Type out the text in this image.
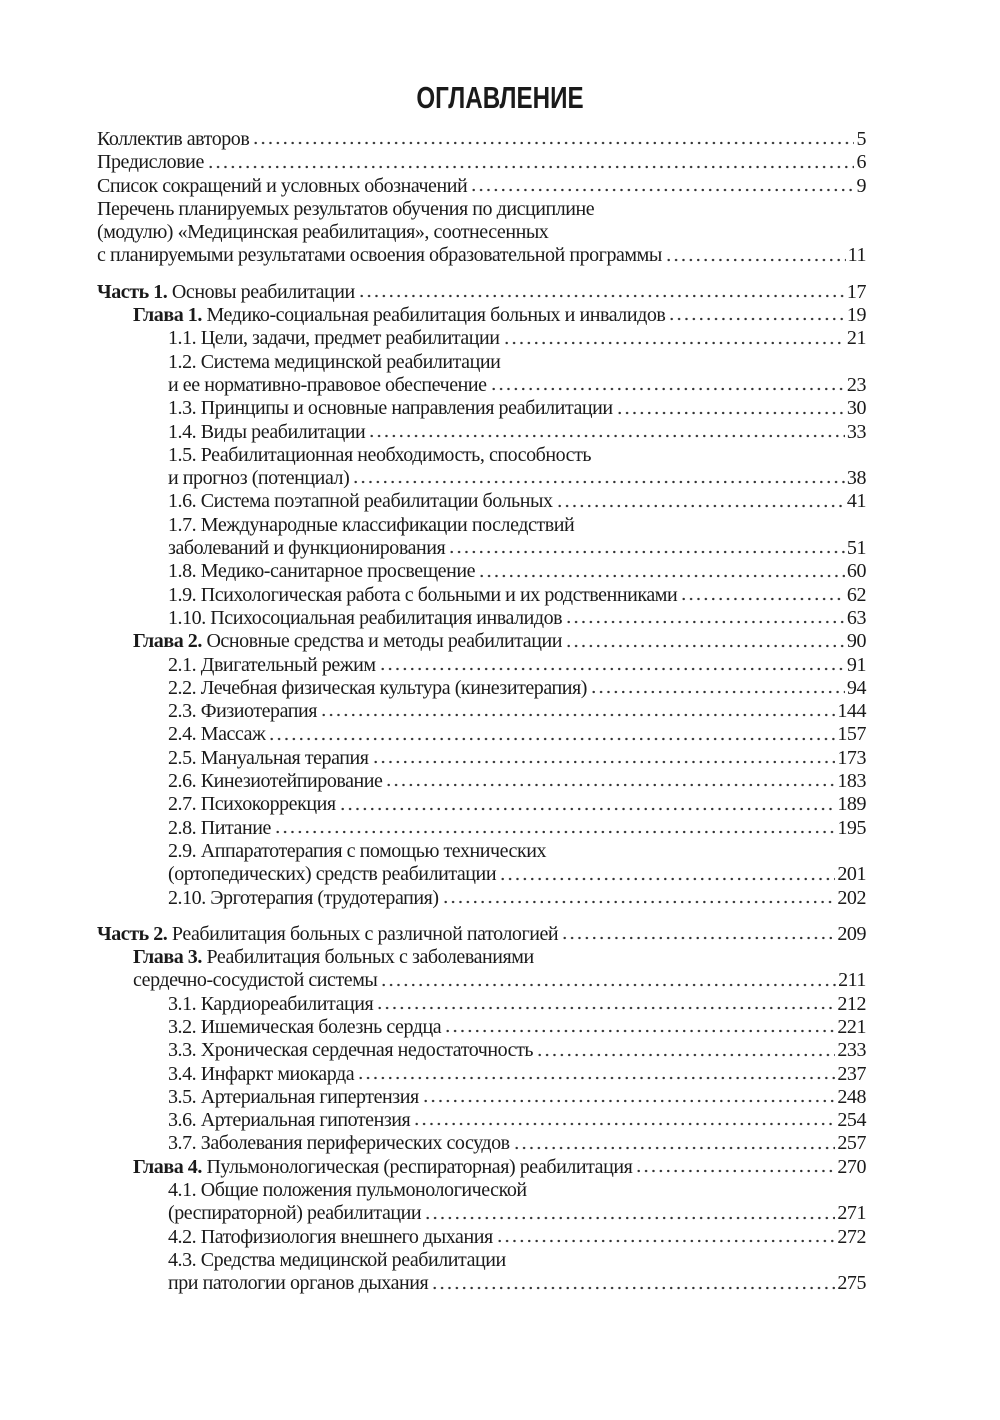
ОГЛАВЛЕНИЕ
Коллектив авторов	5
Предисловие	6
Список сокращений и условных обозначений	9
Перечень планируемых результатов обучения по дисциплине
(модулю) «Медицинская реабилитация», соотнесенных
с планируемыми результатами освоения образовательной программы	11
Часть 1. Основы реабилитации	17
Глава 1. Медико-социальная реабилитация больных и инвалидов	19
1.1. Цели, задачи, предмет реабилитации	21
1.2. Система медицинской реабилитации
и ее нормативно-правовое обеспечение	23
1.3. Принципы и основные направления реабилитации	30
1.4. Виды реабилитации	33
1.5. Реабилитационная необходимость, способность
и прогноз (потенциал)	38
1.6. Система поэтапной реабилитации больных	41
1.7. Международные классификации последствий
заболеваний и функционирования	51
1.8. Медико-санитарное просвещение	60
1.9. Психологическая работа с больными и их родственниками	62
1.10. Психосоциальная реабилитация инвалидов	63
Глава 2. Основные средства и методы реабилитации	90
2.1. Двигательный режим	91
2.2. Лечебная физическая культура (кинезитерапия)	94
2.3. Физиотерапия	144
2.4. Массаж	157
2.5. Мануальная терапия	173
2.6. Кинезиотейпирование	183
2.7. Психокоррекция	189
2.8. Питание	195
2.9. Аппаратотерапия с помощью технических
(ортопедических) средств реабилитации	201
2.10. Эрготерапия (трудотерапия)	202
Часть 2. Реабилитация больных с различной патологией	209
Глава 3. Реабилитация больных с заболеваниями
сердечно-сосудистой системы	211
3.1. Кардиореабилитация	212
3.2. Ишемическая болезнь сердца	221
3.3. Хроническая сердечная недостаточность	233
3.4. Инфаркт миокарда	237
3.5. Артериальная гипертензия	248
3.6. Артериальная гипотензия	254
3.7. Заболевания периферических сосудов	257
Глава 4. Пульмонологическая (респираторная) реабилитация	270
4.1. Общие положения пульмонологической
(респираторной) реабилитации	271
4.2. Патофизиология внешнего дыхания	272
4.3. Средства медицинской реабилитации
при патологии органов дыхания	275
